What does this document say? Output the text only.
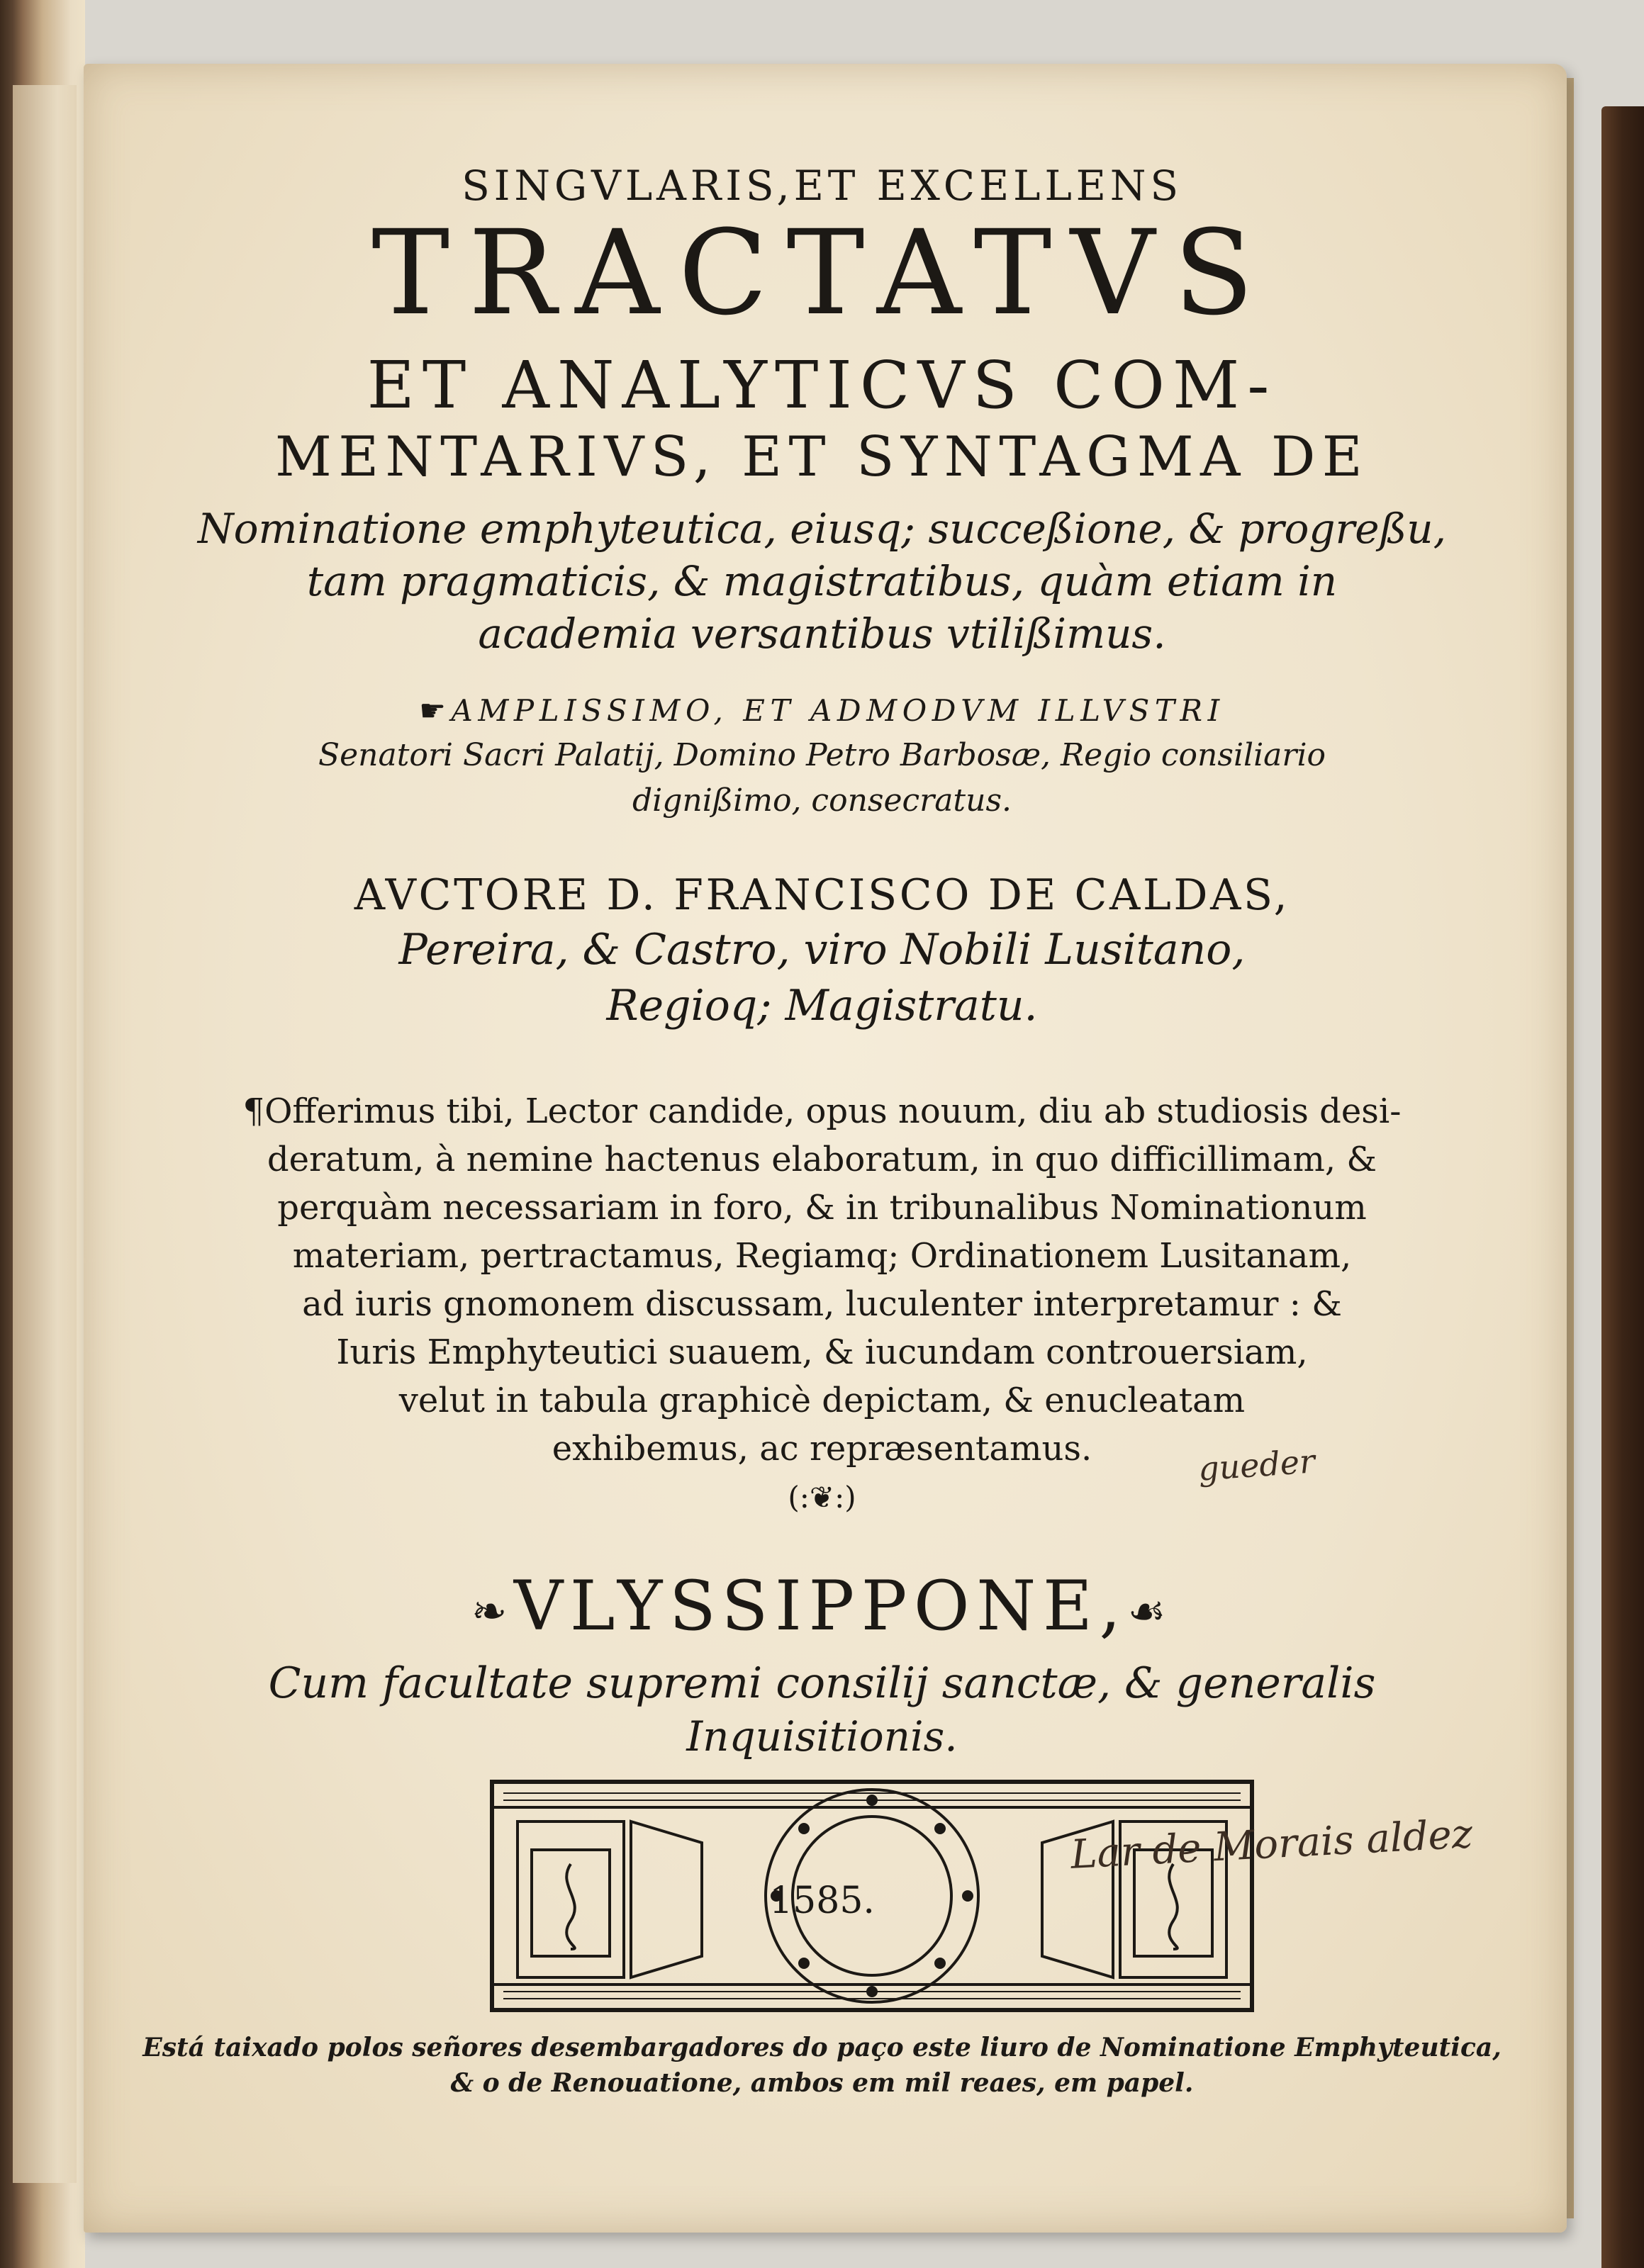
SINGVLARIS,ET EXCELLENS
TRACTATVS
ET ANALYTICVS COM-
MENTARIVS, ET SYNTAGMA DE
Nominatione emphyteutica, eiusq; succeßione, & progreßu,
tam pragmaticis, & magistratibus, quàm etiam in
academia versantibus vtilißimus.
☛AMPLISSIMO, ET ADMODVM ILLVSTRI
Senatori Sacri Palatij, Domino Petro Barbosæ, Regio consiliario
dignißimo, consecratus.
AVCTORE D. FRANCISCO DE CALDAS,
Pereira, & Castro, viro Nobili Lusitano,
Regioq; Magistratu.
¶Offerimus tibi, Lector candide, opus nouum, diu ab studiosis desi-
deratum, à nemine hactenus elaboratum, in quo difficillimam, &
perquàm necessariam in foro, & in tribunalibus Nominationum
materiam, pertractamus, Regiamq; Ordinationem Lusitanam,
ad iuris gnomonem discussam, luculenter interpretamur : &
Iuris Emphyteutici suauem, & iucundam controuersiam,
velut in tabula graphicè depictam, & enucleatam
exhibemus, ac repræsentamus.
(:❦:)
❧VLYSSIPPONE,☙
Cum facultate supremi consilij sanctæ, & generalis
Inquisitionis.
1585.
Está taixado polos señores desembargadores do paço este liuro de Nominatione Emphyteutica,
& o de Renouatione, ambos em mil reaes, em papel.
gueder
Lar de Morais aldez
